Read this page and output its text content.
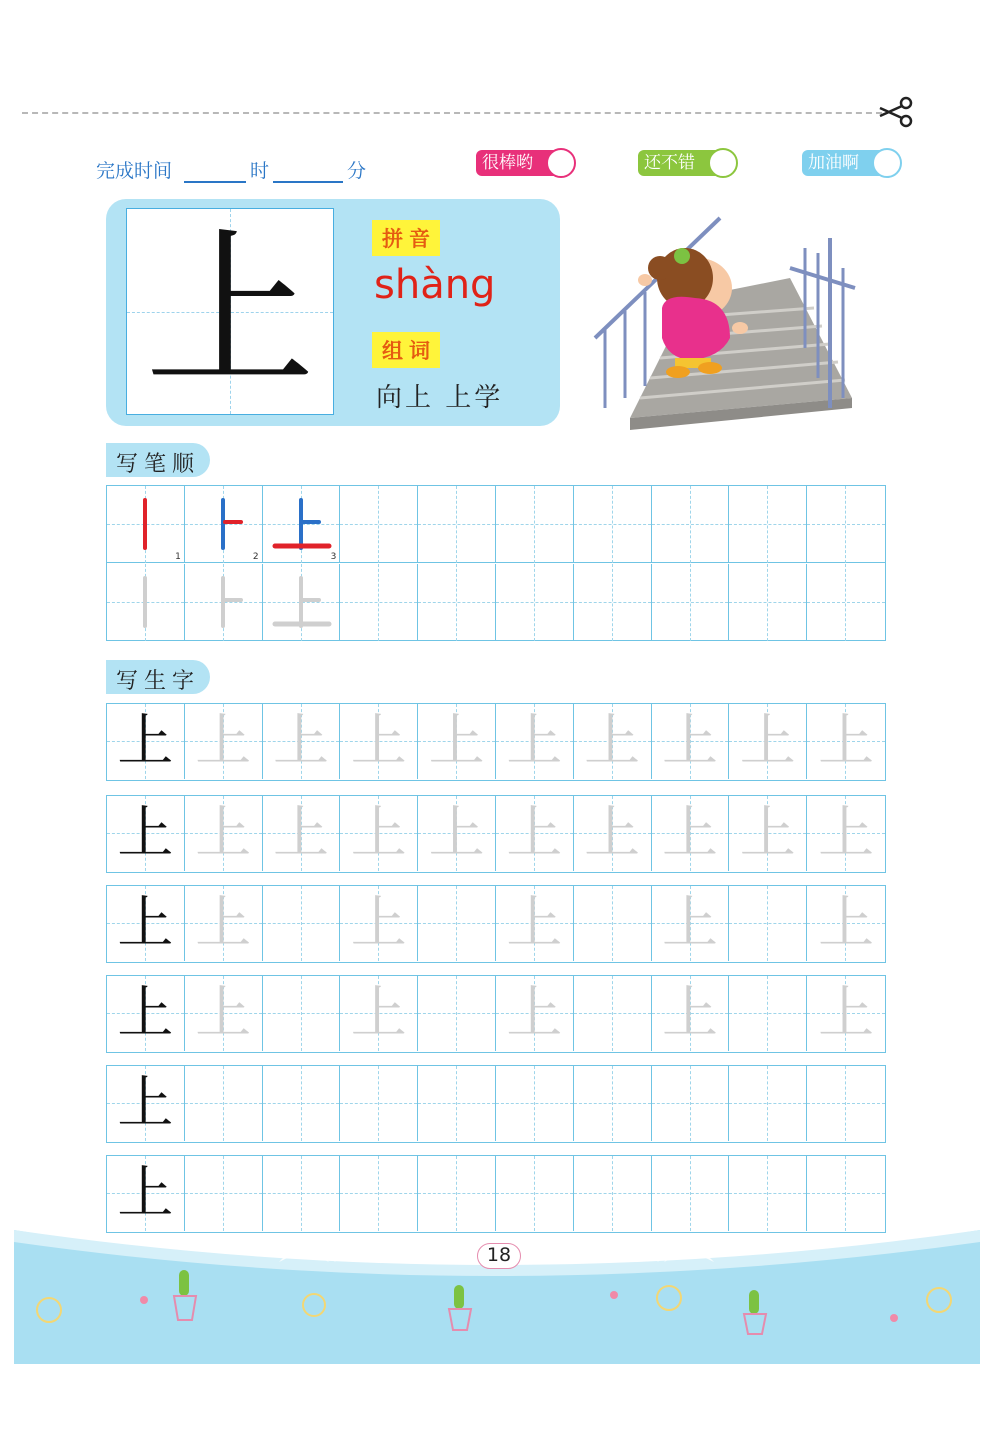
完成时间	时	分	很棒哟	还不错	加油啊
上	拼音
shàng
组词
向上 上学
写笔顺
1	2	3
写生字
上 上 上 上 上 上 上 上 上 上
上 上 上 上 上 上 上 上 上 上
上 上 上 上 上 上
上 上 上 上 上 上
上
上
18
